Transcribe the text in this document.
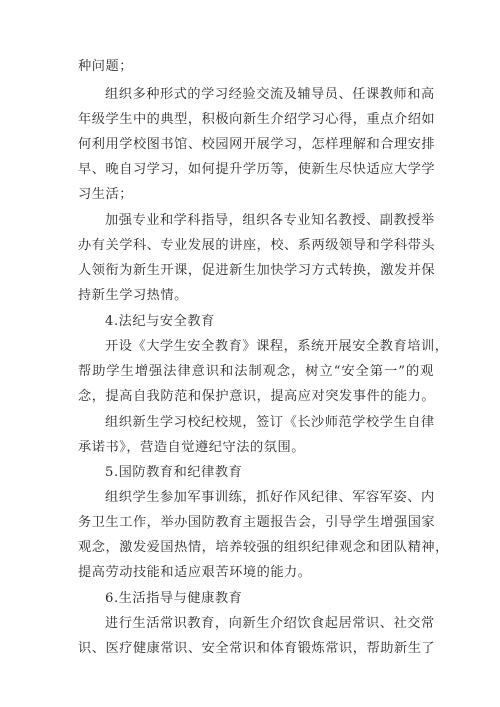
种问题；
组织多种形式的学习经验交流及辅导员、任课教师和高
年级学生中的典型，积极向新生介绍学习心得，重点介绍如
何利用学校图书馆、校园网开展学习，怎样理解和合理安排
早、晚自习学习，如何提升学历等，使新生尽快适应大学学
习生活；
加强专业和学科指导，组织各专业知名教授、副教授举
办有关学科、专业发展的讲座，校、系两级领导和学科带头
人领衔为新生开课，促进新生加快学习方式转换，激发并保
持新生学习热情。
4.法纪与安全教育
开设《大学生安全教育》课程，系统开展安全教育培训，
帮助学生增强法律意识和法制观念，树立“安全第一”的观
念，提高自我防范和保护意识，提高应对突发事件的能力。
组织新生学习校纪校规，签订《长沙师范学校学生自律
承诺书》，营造自觉遵纪守法的氛围。
5.国防教育和纪律教育
组织学生参加军事训练，抓好作风纪律、军容军姿、内
务卫生工作，举办国防教育主题报告会，引导学生增强国家
观念，激发爱国热情，培养较强的组织纪律观念和团队精神，
提高劳动技能和适应艰苦环境的能力。
6.生活指导与健康教育
进行生活常识教育，向新生介绍饮食起居常识、社交常
识、医疗健康常识、安全常识和体育锻炼常识，帮助新生了
